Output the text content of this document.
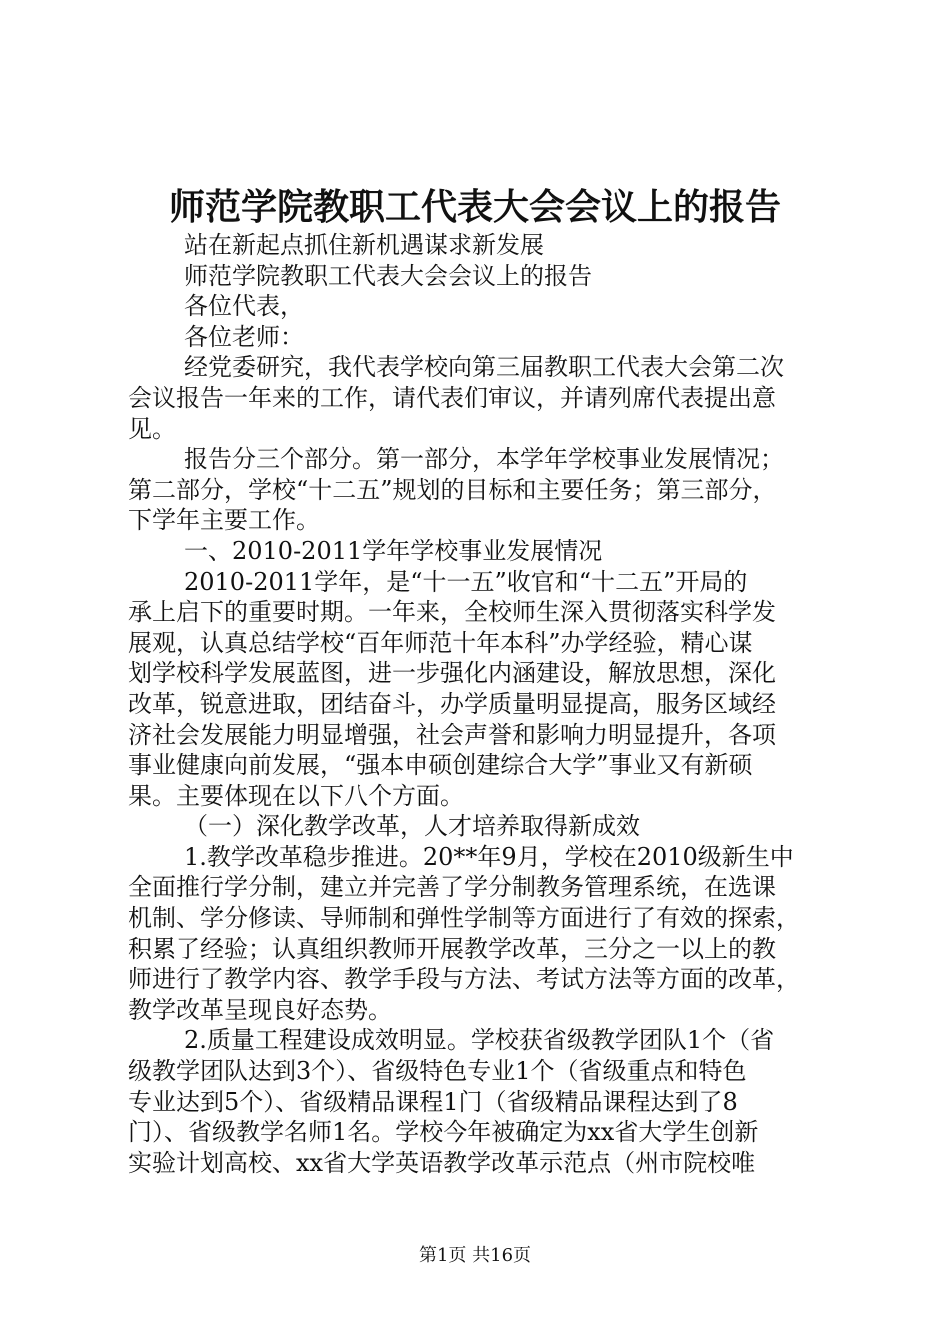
师范学院教职工代表大会会议上的报告

站在新起点抓住新机遇谋求新发展

师范学院教职工代表大会会议上的报告

各位代表，

各位老师：

经党委研究，我代表学校向第三届教职工代表大会第二次

会议报告一年来的工作，请代表们审议，并请列席代表提出意

见。

报告分三个部分。第一部分，本学年学校事业发展情况；

第二部分，学校“十二五”规划的目标和主要任务；第三部分，

下学年主要工作。

一、2010-2011学年学校事业发展情况

2010-2011学年，是“十一五”收官和“十二五”开局的

承上启下的重要时期。一年来，全校师生深入贯彻落实科学发

展观，认真总结学校“百年师范十年本科”办学经验，精心谋

划学校科学发展蓝图，进一步强化内涵建设，解放思想，深化

改革，锐意进取，团结奋斗，办学质量明显提高，服务区域经

济社会发展能力明显增强，社会声誉和影响力明显提升，各项

事业健康向前发展，“强本申硕创建综合大学”事业又有新硕

果。主要体现在以下八个方面。

（一）深化教学改革，人才培养取得新成效

1.教学改革稳步推进。20**年9月，学校在2010级新生中

全面推行学分制，建立并完善了学分制教务管理系统，在选课

机制、学分修读、导师制和弹性学制等方面进行了有效的探索，

积累了经验；认真组织教师开展教学改革，三分之一以上的教

师进行了教学内容、教学手段与方法、考试方法等方面的改革，

教学改革呈现良好态势。

2.质量工程建设成效明显。学校获省级教学团队1个（省

级教学团队达到3个）、省级特色专业1个（省级重点和特色

专业达到5个）、省级精品课程1门（省级精品课程达到了8

门）、省级教学名师1名。学校今年被确定为xx省大学生创新

实验计划高校、xx省大学英语教学改革示范点（州市院校唯

第1页 共16页
